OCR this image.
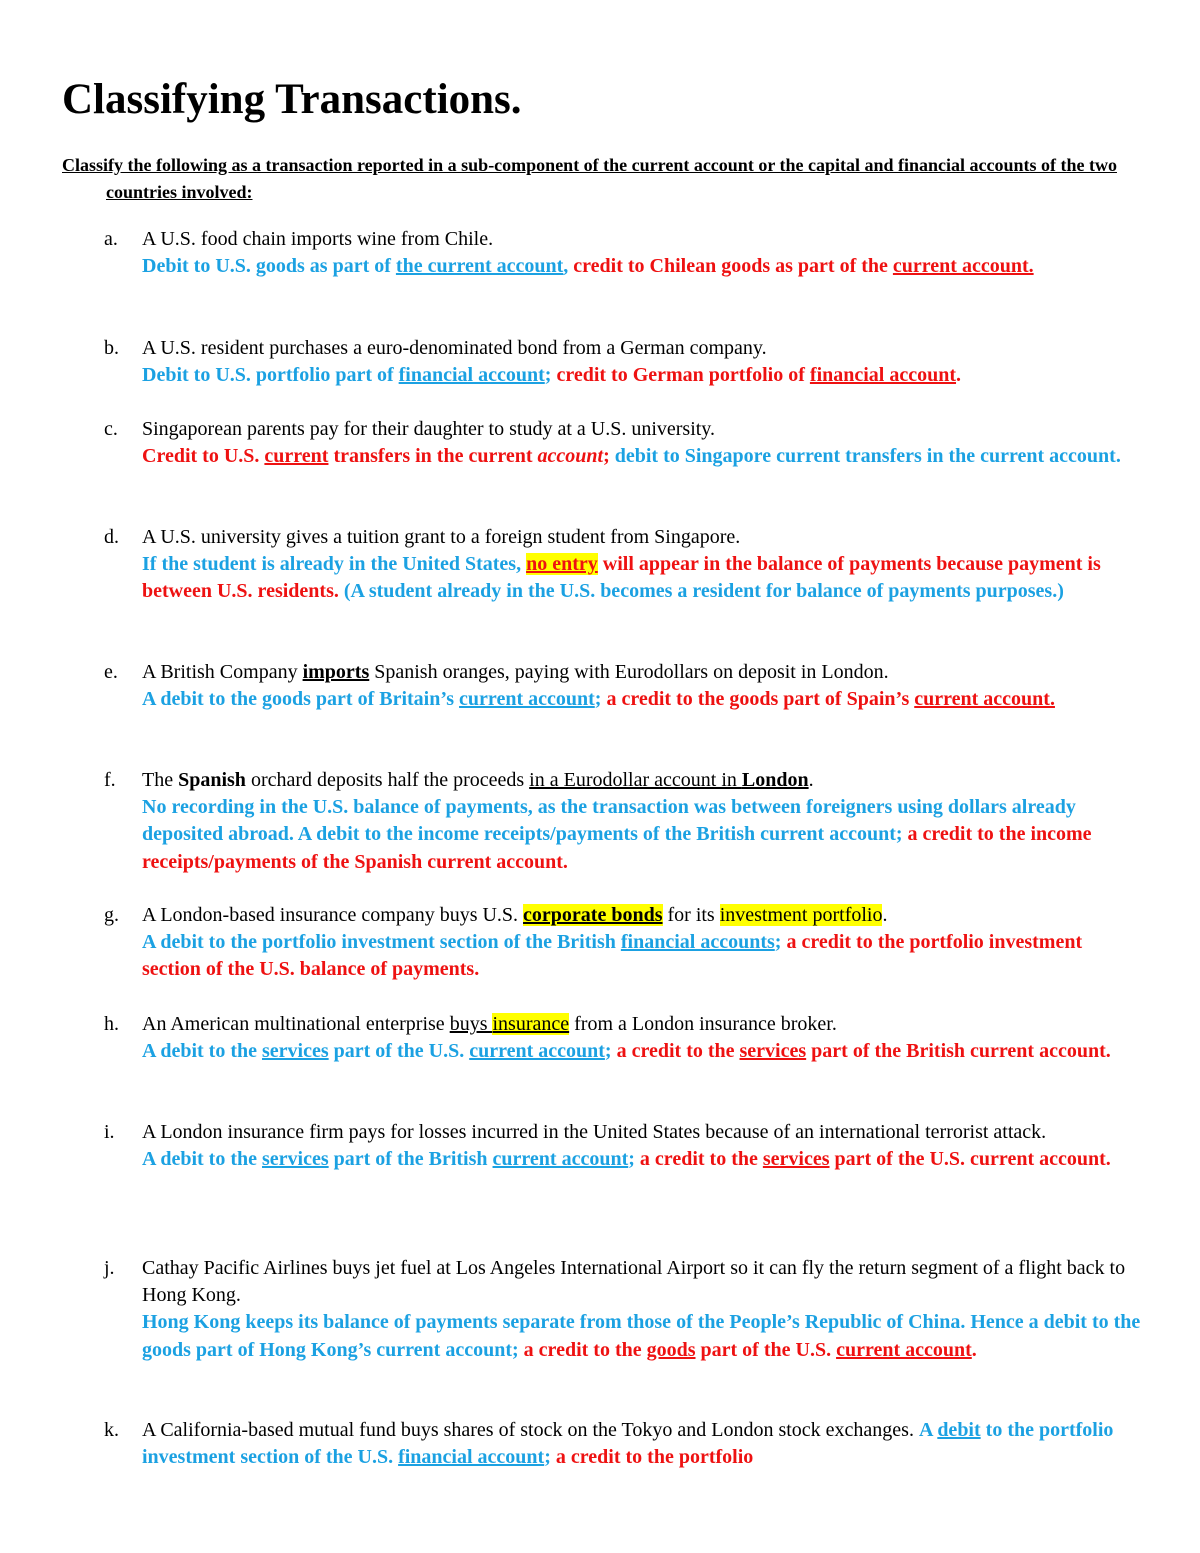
Classifying Transactions.
Classify the following as a transaction reported in a sub-component of the current account or the capital and financial accounts of the two countries involved:
a.	A U.S. food chain imports wine from Chile.
Debit to U.S. goods as part of the current account, credit to Chilean goods as part of the current account.
b.	A U.S. resident purchases a euro-denominated bond from a German company.
Debit to U.S. portfolio part of financial account; credit to German portfolio of financial account.
c.	Singaporean parents pay for their daughter to study at a U.S. university.
Credit to U.S. current transfers in the current account; debit to Singapore current transfers in the current account.
d.	A U.S. university gives a tuition grant to a foreign student from Singapore.
If the student is already in the United States, no entry will appear in the balance of payments because payment is between U.S. residents. (A student already in the U.S. becomes a resident for balance of payments purposes.)
e.	A British Company imports Spanish oranges, paying with Eurodollars on deposit in London.
A debit to the goods part of Britain’s current account; a credit to the goods part of Spain’s current account.
f.	The Spanish orchard deposits half the proceeds in a Eurodollar account in London.
No recording in the U.S. balance of payments, as the transaction was between foreigners using dollars already deposited abroad. A debit to the income receipts/payments of the British current account; a credit to the income receipts/payments of the Spanish current account.
g.	A London-based insurance company buys U.S. corporate bonds for its investment portfolio.
A debit to the portfolio investment section of the British financial accounts; a credit to the portfolio investment section of the U.S. balance of payments.
h.	An American multinational enterprise buys insurance from a London insurance broker.
A debit to the services part of the U.S. current account; a credit to the services part of the British current account.
i.	A London insurance firm pays for losses incurred in the United States because of an international terrorist attack.
A debit to the services part of the British current account; a credit to the services part of the U.S. current account.
j.	Cathay Pacific Airlines buys jet fuel at Los Angeles International Airport so it can fly the return segment of a flight back to Hong Kong.
Hong Kong keeps its balance of payments separate from those of the People’s Republic of China. Hence a debit to the goods part of Hong Kong’s current account; a credit to the goods part of the U.S. current account.
k.	A California-based mutual fund buys shares of stock on the Tokyo and London stock exchanges. A debit to the portfolio investment section of the U.S. financial account; a credit to the portfolio
